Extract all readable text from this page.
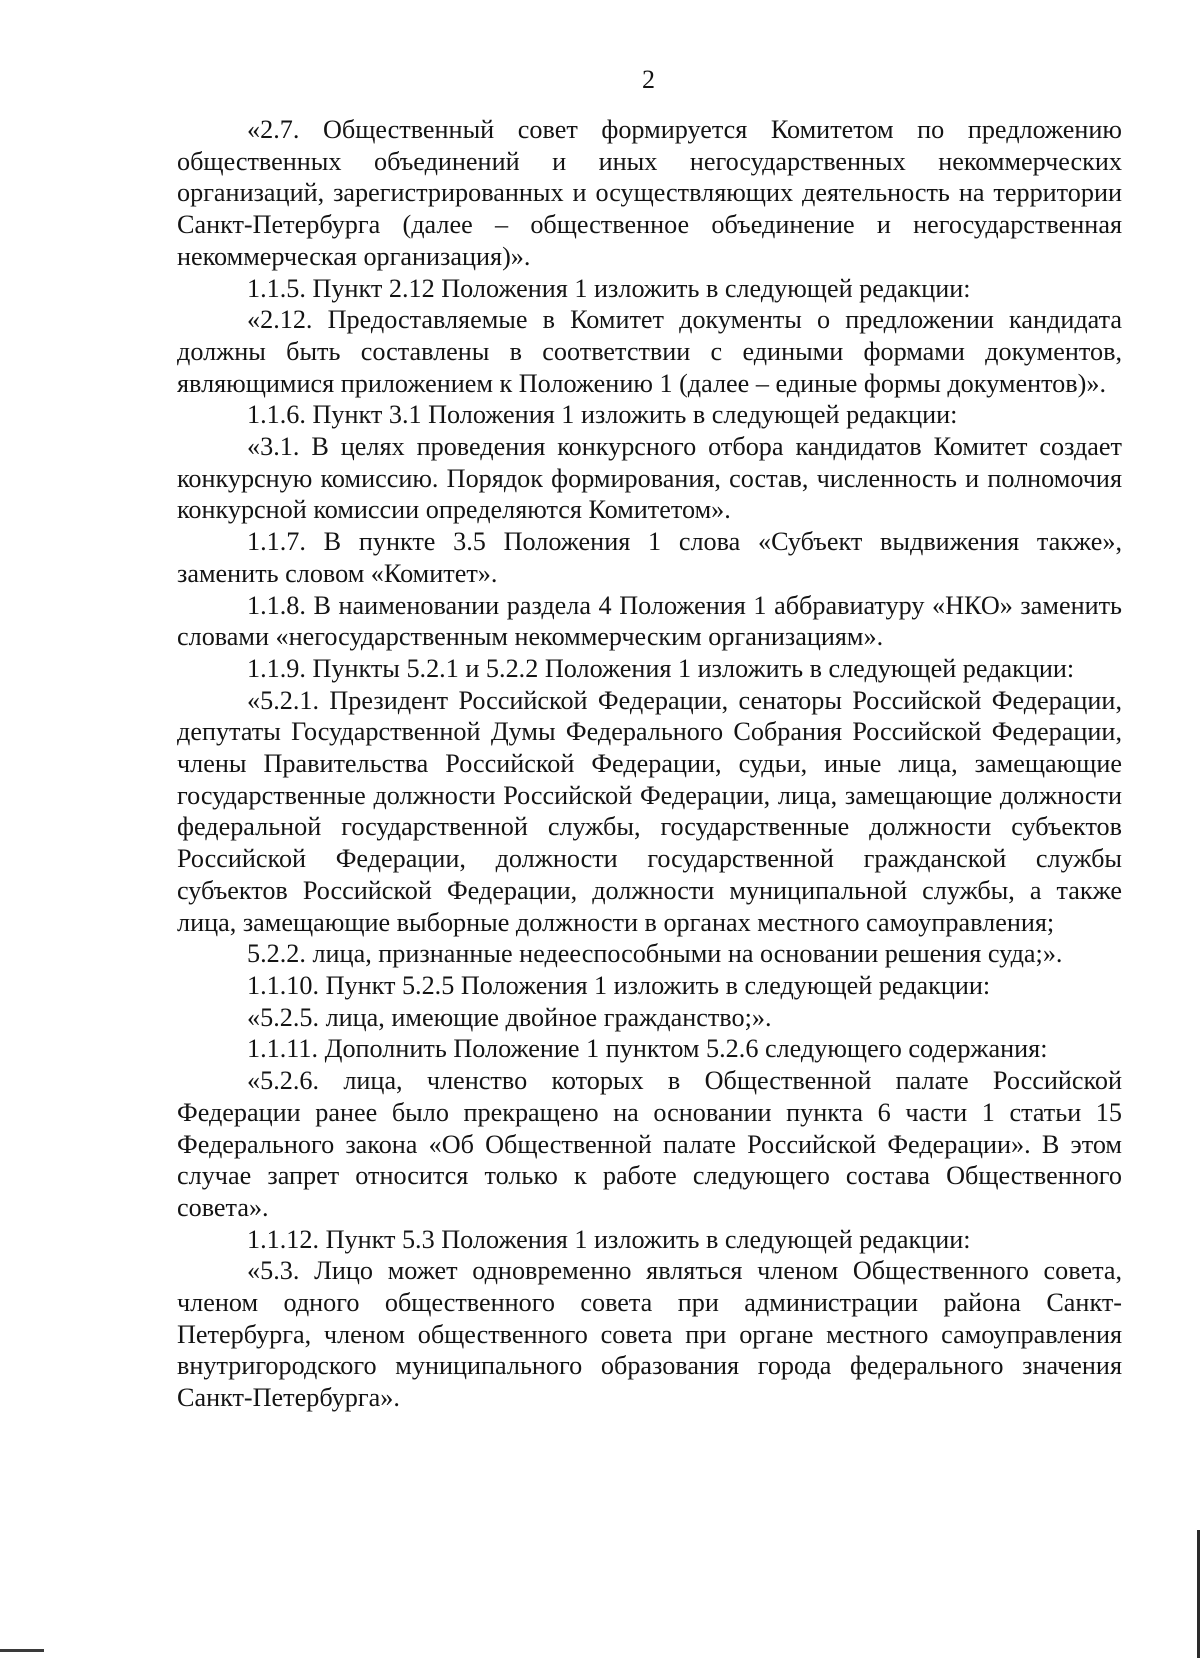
2

«2.7. Общественный совет формируется Комитетом по предложению общественных объединений и иных негосударственных некоммерческих организаций, зарегистрированных и осуществляющих деятельность на территории Санкт-Петербурга (далее – общественное объединение и негосударственная некоммерческая организация)».

1.1.5. Пункт 2.12 Положения 1 изложить в следующей редакции:

«2.12. Предоставляемые в Комитет документы о предложении кандидата должны быть составлены в соответствии с едиными формами документов, являющимися приложением к Положению 1 (далее – единые формы документов)».

1.1.6. Пункт 3.1 Положения 1 изложить в следующей редакции:

«3.1. В целях проведения конкурсного отбора кандидатов Комитет создает конкурсную комиссию. Порядок формирования, состав, численность и полномочия конкурсной комиссии определяются Комитетом».

1.1.7. В пункте 3.5 Положения 1 слова «Субъект выдвижения также», заменить словом «Комитет».

1.1.8. В наименовании раздела 4 Положения 1 аббравиатуру «НКО» заменить словами «негосударственным некоммерческим организациям».

1.1.9. Пункты 5.2.1 и 5.2.2 Положения 1 изложить в следующей редакции:

«5.2.1. Президент Российской Федерации, сенаторы Российской Федерации, депутаты Государственной Думы Федерального Собрания Российской Федерации, члены Правительства Российской Федерации, судьи, иные лица, замещающие государственные должности Российской Федерации, лица, замещающие должности федеральной государственной службы, государственные должности субъектов Российской Федерации, должности государственной гражданской службы субъектов Российской Федерации, должности муниципальной службы, а также лица, замещающие выборные должности в органах местного самоуправления;

5.2.2. лица, признанные недееспособными на основании решения суда;».

1.1.10. Пункт 5.2.5 Положения 1 изложить в следующей редакции:

«5.2.5. лица, имеющие двойное гражданство;».

1.1.11. Дополнить Положение 1 пунктом 5.2.6 следующего содержания:

«5.2.6. лица, членство которых в Общественной палате Российской Федерации ранее было прекращено на основании пункта 6 части 1 статьи 15 Федерального закона «Об Общественной палате Российской Федерации». В этом случае запрет относится только к работе следующего состава Общественного совета».

1.1.12. Пункт 5.3 Положения 1 изложить в следующей редакции:

«5.3. Лицо может одновременно являться членом Общественного совета, членом одного общественного совета при администрации района Санкт-Петербурга, членом общественного совета при органе местного самоуправления внутригородского муниципального образования города федерального значения Санкт-Петербурга».
